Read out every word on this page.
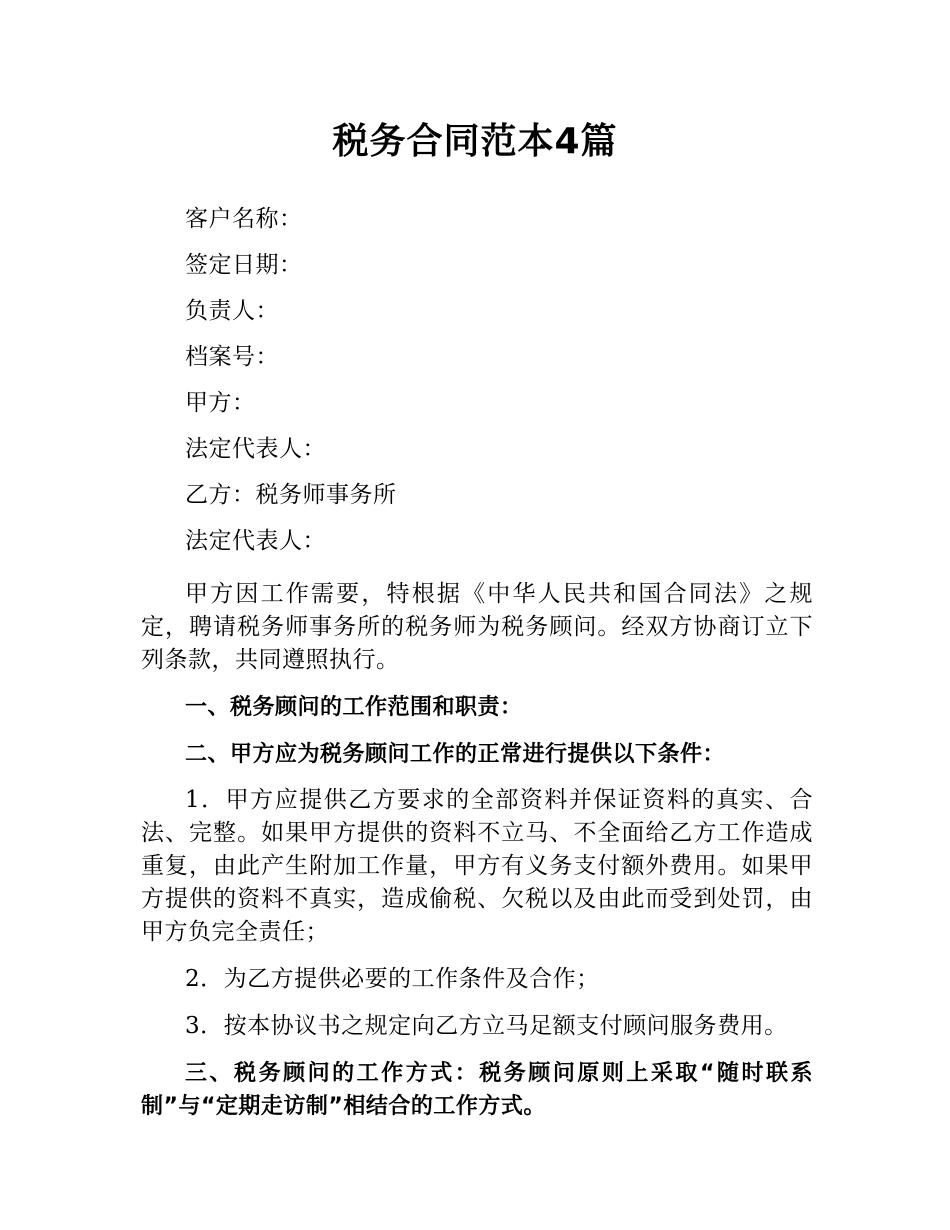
税务合同范本4篇
客户名称：
签定日期：
负责人：
档案号：
甲方：
法定代表人：
乙方：税务师事务所
法定代表人：

甲方因工作需要，特根据《中华人民共和国合同法》之规定，聘请税务师事务所的税务师为税务顾问。经双方协商订立下列条款，共同遵照执行。

一、税务顾问的工作范围和职责：

二、甲方应为税务顾问工作的正常进行提供以下条件：

1．甲方应提供乙方要求的全部资料并保证资料的真实、合法、完整。如果甲方提供的资料不立马、不全面给乙方工作造成重复，由此产生附加工作量，甲方有义务支付额外费用。如果甲方提供的资料不真实，造成偷税、欠税以及由此而受到处罚，由甲方负完全责任；

2．为乙方提供必要的工作条件及合作；

3．按本协议书之规定向乙方立马足额支付顾问服务费用。

三、税务顾问的工作方式：税务顾问原则上采取“随时联系制”与“定期走访制”相结合的工作方式。
